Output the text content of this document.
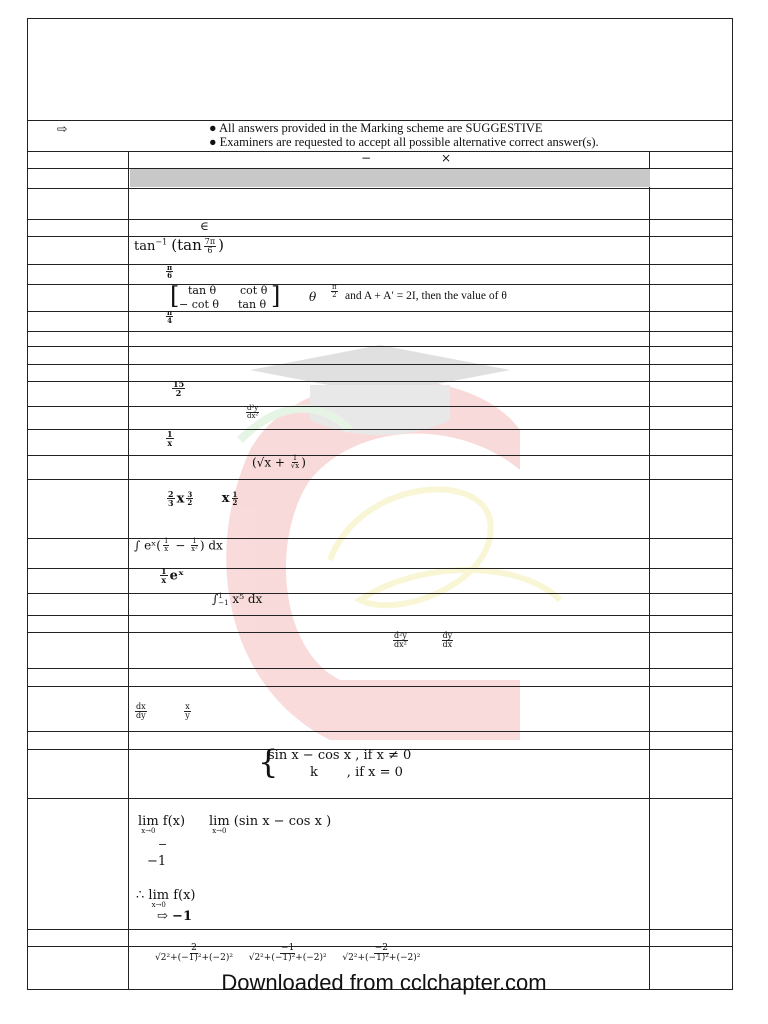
⇨	● All answers provided in the Marking scheme are SUGGESTIVE
● Examiners are requested to accept all possible alternative correct answer(s).
−	×
∈
$\tan^{-1} (\tan \frac{7\pi}{6}$ )
$\frac{\pi}{6}$
[ tan θ cot θ
− cot θ tan θ ] θ $\frac{\pi}{2}$ and A + A′ = 2I, then the value of θ
$\frac{\pi}{4}$
$\frac{15}{2}$
$\frac{\text{d²y}}{\text{dx²}}$
$\frac{1}{x}$
($√x + \frac{1}{√x}$ )
$\frac{2}{3}$ x $\frac{3}{2}$ x $\frac{1}{2}$
∫ eˣ( $\frac{1}{x} - \frac{1}{\text{x²}}$ ) dx
$\frac{1}{x}$ eˣ
∫ 1
−1 x⁵ dx
$\frac{\text{d²y}}{\text{dx²}}$
	$\frac{dy}{dx}$
$\frac{dx}{dy}$
	$\frac{x}{y}$
{
sin x − cos x , if x ≠ 0
k       , if x = 0
lim
x→0
f(x) lim
x→0
(sin x − cos x )
−
−1
∴ lim
x→0
f(x)
⇨ −1
$\frac{2}{\text{√2²+(−1)²+(−2)²}}$
$\frac{-1}{\text{√2²+(−1)²+(−2)²}}$
$\frac{-2}{\text{√2²+(−1)²+(−2)²}}$
Downloaded from cclchapter.com
